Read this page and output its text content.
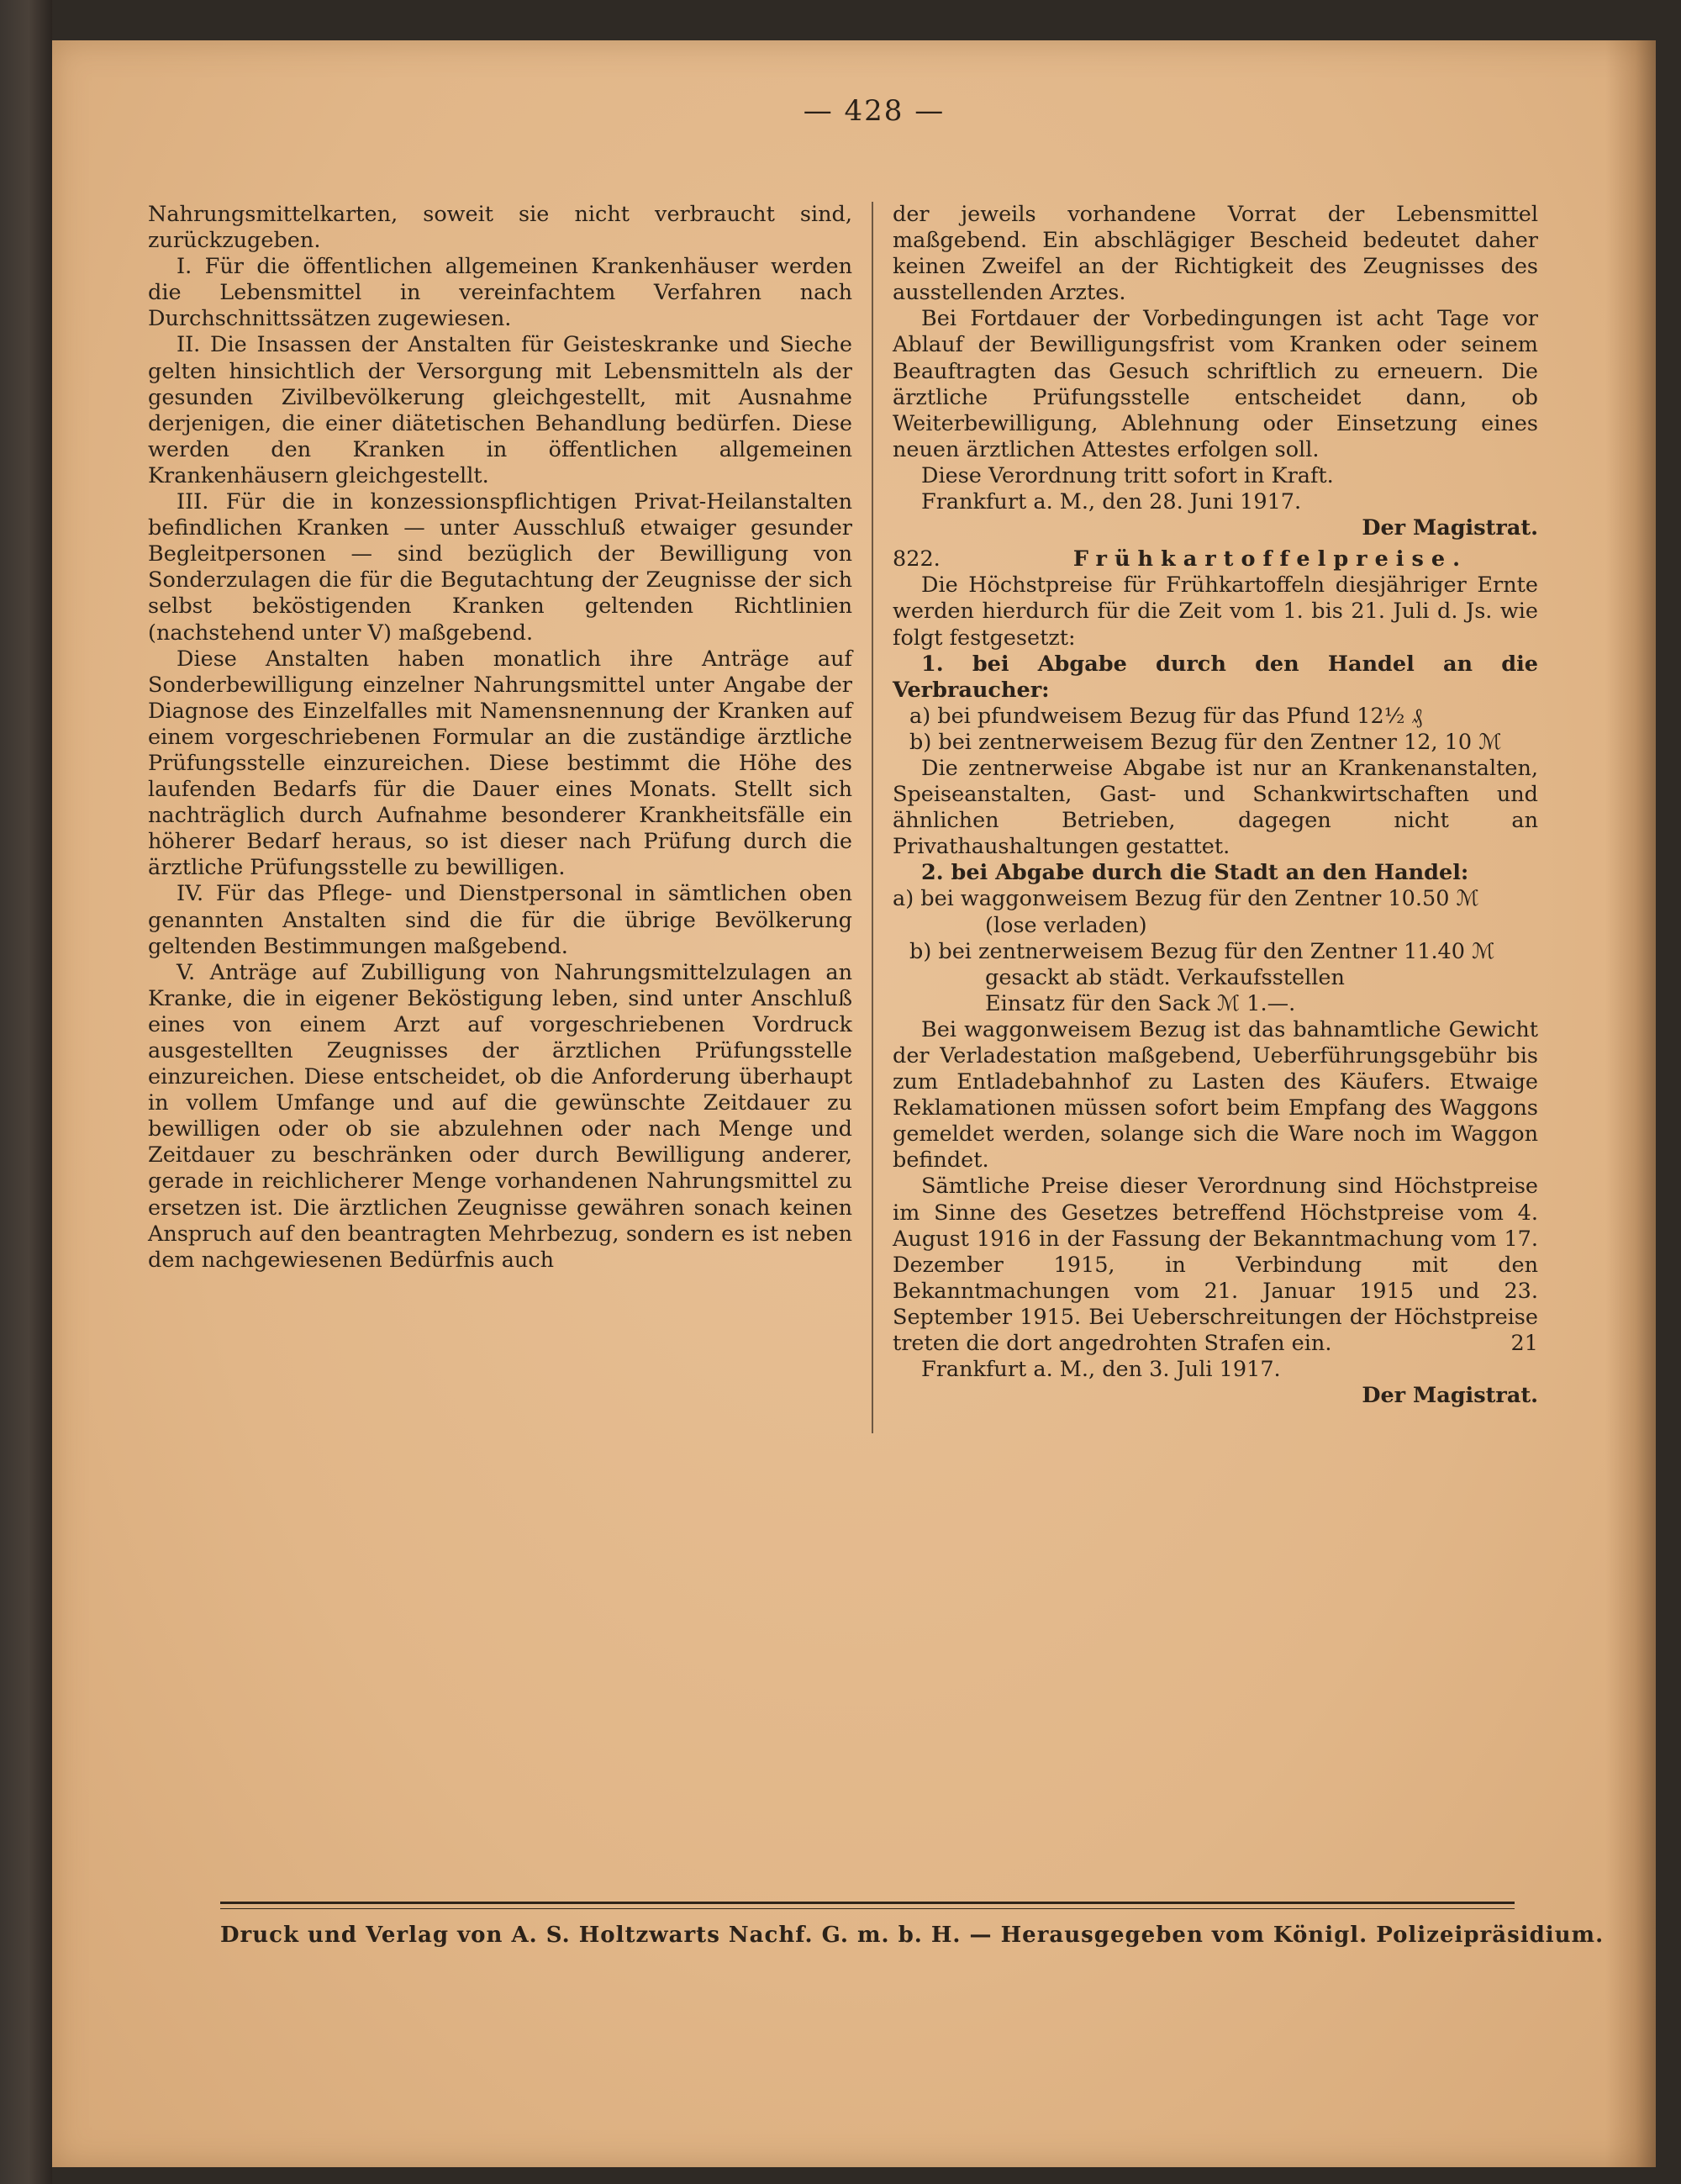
— 428 —

Nahrungsmittelkarten, soweit sie nicht verbraucht sind, zurückzugeben.

I. Für die öffentlichen allgemeinen Krankenhäuser werden die Lebensmittel in vereinfachtem Verfahren nach Durchschnittssätzen zugewiesen.

II. Die Insassen der Anstalten für Geisteskranke und Sieche gelten hinsichtlich der Versorgung mit Lebensmitteln als der gesunden Zivilbevölkerung gleichgestellt, mit Ausnahme derjenigen, die einer diätetischen Behandlung bedürfen. Diese werden den Kranken in öffentlichen allgemeinen Krankenhäusern gleichgestellt.

III. Für die in konzessionspflichtigen Privat-Heilanstalten befindlichen Kranken — unter Ausschluß etwaiger gesunder Begleitpersonen — sind bezüglich der Bewilligung von Sonderzulagen die für die Begutachtung der Zeugnisse der sich selbst beköstigenden Kranken geltenden Richtlinien (nachstehend unter V) maßgebend.

Diese Anstalten haben monatlich ihre Anträge auf Sonderbewilligung einzelner Nahrungsmittel unter Angabe der Diagnose des Einzelfalles mit Namensnennung der Kranken auf einem vorgeschriebenen Formular an die zuständige ärztliche Prüfungsstelle einzureichen. Diese bestimmt die Höhe des laufenden Bedarfs für die Dauer eines Monats. Stellt sich nachträglich durch Aufnahme besonderer Krankheitsfälle ein höherer Bedarf heraus, so ist dieser nach Prüfung durch die ärztliche Prüfungsstelle zu bewilligen.

IV. Für das Pflege- und Dienstpersonal in sämtlichen oben genannten Anstalten sind die für die übrige Bevölkerung geltenden Bestimmungen maßgebend.

V. Anträge auf Zubilligung von Nahrungsmittelzulagen an Kranke, die in eigener Beköstigung leben, sind unter Anschluß eines von einem Arzt auf vorgeschriebenen Vordruck ausgestellten Zeugnisses der ärztlichen Prüfungsstelle einzureichen. Diese entscheidet, ob die Anforderung überhaupt in vollem Umfange und auf die gewünschte Zeitdauer zu bewilligen oder ob sie abzulehnen oder nach Menge und Zeitdauer zu beschränken oder durch Bewilligung anderer, gerade in reichlicherer Menge vorhandenen Nahrungsmittel zu ersetzen ist. Die ärztlichen Zeugnisse gewähren sonach keinen Anspruch auf den beantragten Mehrbezug, sondern es ist neben dem nachgewiesenen Bedürfnis auch

der jeweils vorhandene Vorrat der Lebensmittel maßgebend. Ein abschlägiger Bescheid bedeutet daher keinen Zweifel an der Richtigkeit des Zeugnisses des ausstellenden Arztes.

Bei Fortdauer der Vorbedingungen ist acht Tage vor Ablauf der Bewilligungsfrist vom Kranken oder seinem Beauftragten das Gesuch schriftlich zu erneuern. Die ärztliche Prüfungsstelle entscheidet dann, ob Weiterbewilligung, Ablehnung oder Einsetzung eines neuen ärztlichen Attestes erfolgen soll.

Diese Verordnung tritt sofort in Kraft.

Frankfurt a. M., den 28. Juni 1917.

Der Magistrat.

822.	Frühkartoffelpreise.

Die Höchstpreise für Frühkartoffeln diesjähriger Ernte werden hierdurch für die Zeit vom 1. bis 21. Juli d. Js. wie folgt festgesetzt:

1. bei Abgabe durch den Handel an die Verbraucher:

a) bei pfundweisem Bezug für das Pfund 12½ ₰

b) bei zentnerweisem Bezug für den Zentner 12, 10 ℳ

Die zentnerweise Abgabe ist nur an Krankenanstalten, Speiseanstalten, Gast- und Schankwirtschaften und ähnlichen Betrieben, dagegen nicht an Privathaushaltungen gestattet.

2. bei Abgabe durch die Stadt an den Handel:

a) bei waggonweisem Bezug für den Zentner 10.50 ℳ

(lose verladen)

b) bei zentnerweisem Bezug für den Zentner 11.40 ℳ

gesackt ab städt. Verkaufsstellen

Einsatz für den Sack ℳ 1.—.

Bei waggonweisem Bezug ist das bahnamtliche Gewicht der Verladestation maßgebend, Ueberführungsgebühr bis zum Entladebahnhof zu Lasten des Käufers. Etwaige Reklamationen müssen sofort beim Empfang des Waggons gemeldet werden, solange sich die Ware noch im Waggon befindet.

Sämtliche Preise dieser Verordnung sind Höchstpreise im Sinne des Gesetzes betreffend Höchstpreise vom 4. August 1916 in der Fassung der Bekanntmachung vom 17. Dezember 1915, in Verbindung mit den Bekanntmachungen vom 21. Januar 1915 und 23. September 1915. Bei Ueberschreitungen der Höchstpreise treten die dort angedrohten Strafen ein.	21

Frankfurt a. M., den 3. Juli 1917.

Der Magistrat.

Druck und Verlag von A. S. Holtzwarts Nachf. G. m. b. H. — Herausgegeben vom Königl. Polizeipräsidium.
